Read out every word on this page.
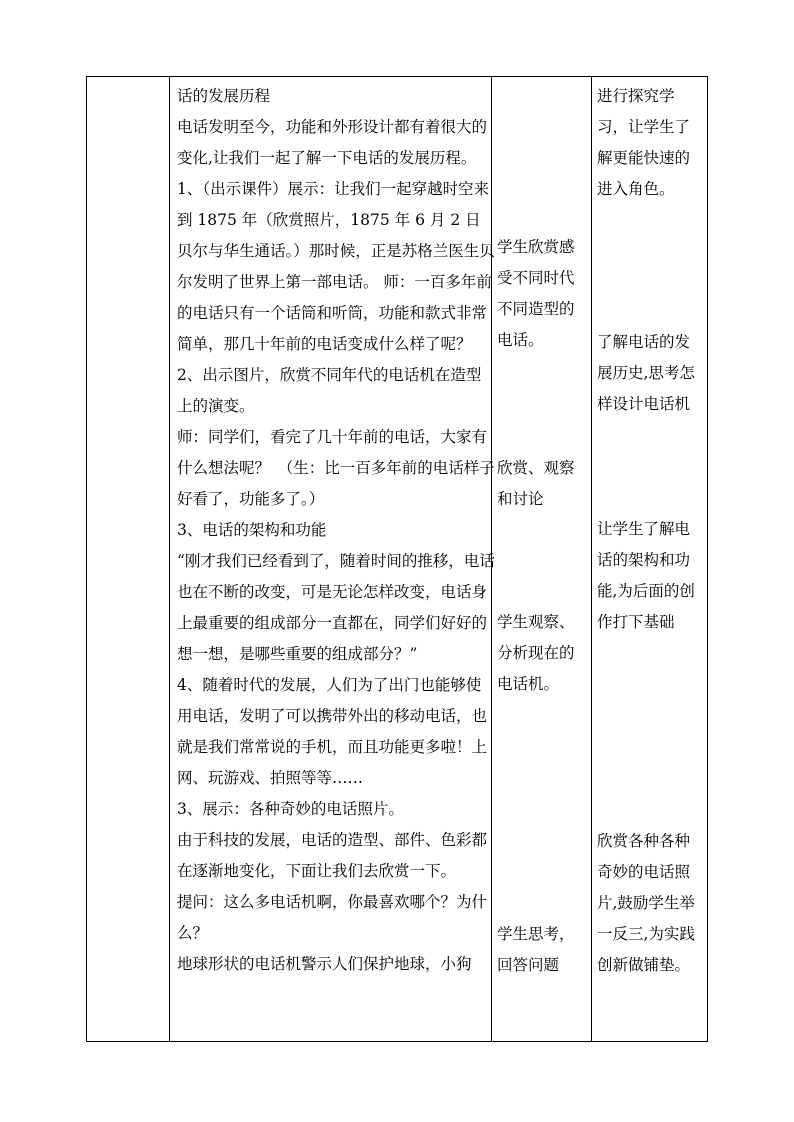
话的发展历程

电话发明至今，功能和外形设计都有着很大的变化,让我们一起了解一下电话的发展历程。

1、（出示课件）展示：让我们一起穿越时空来到 1875 年（欣赏照片，1875 年 6 月 2 日贝尔与华生通话。）那时候，正是苏格兰医生贝尔发明了世界上第一部电话。 师：一百多年前的电话只有一个话筒和听筒，功能和款式非常简单，那几十年前的电话变成什么样了呢？

2、出示图片，欣赏不同年代的电话机在造型上的演变。

师：同学们，看完了几十年前的电话，大家有什么想法呢？　（生：比一百多年前的电话样子好看了，功能多了。）

3、电话的架构和功能

“刚才我们已经看到了，随着时间的推移，电话也在不断的改变，可是无论怎样改变，电话身上最重要的组成部分一直都在，同学们好好的想一想，是哪些重要的组成部分？”

4、随着时代的发展，人们为了出门也能够使用电话，发明了可以携带外出的移动电话，也就是我们常常说的手机，而且功能更多啦！上网、玩游戏、拍照等等……

3、展示：各种奇妙的电话照片。

由于科技的发展，电话的造型、部件、色彩都在逐渐地变化，下面让我们去欣赏一下。

提问：这么多电话机啊，你最喜欢哪个？为什么？

地球形状的电话机警示人们保护地球，小狗

学生欣赏感受不同时代不同造型的电话。

欣赏、观察和讨论

学生观察、分析现在的电话机。

学生思考，回答问题

进行探究学习，让学生了解更能快速的进入角色。

了解电话的发展历史,思考怎样设计电话机

让学生了解电话的架构和功能,为后面的创作打下基础

欣赏各种各种奇妙的电话照片,鼓励学生举一反三,为实践创新做铺垫。
